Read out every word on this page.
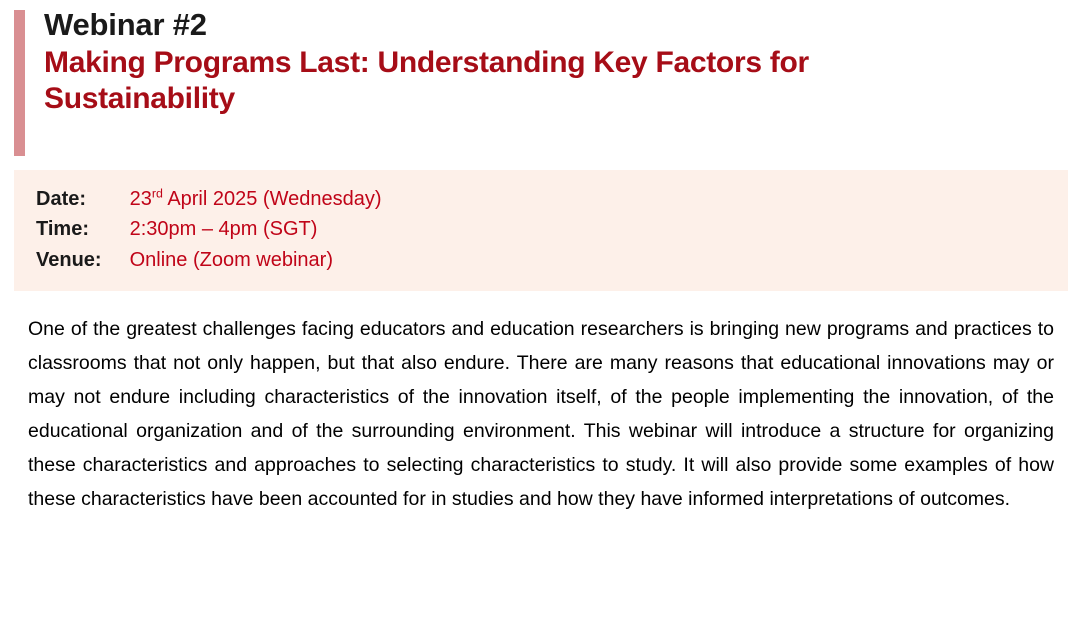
Webinar #2
Making Programs Last: Understanding Key Factors for Sustainability
Date:	23rd April 2025 (Wednesday)
Time:	2:30pm – 4pm (SGT)
Venue:	Online (Zoom webinar)

One of the greatest challenges facing educators and education researchers is bringing new programs and practices to classrooms that not only happen, but that also endure. There are many reasons that educational innovations may or may not endure including characteristics of the innovation itself, of the people implementing the innovation, of the educational organization and of the surrounding environment. This webinar will introduce a structure for organizing these characteristics and approaches to selecting characteristics to study. It will also provide some examples of how these characteristics have been accounted for in studies and how they have informed interpretations of outcomes.
